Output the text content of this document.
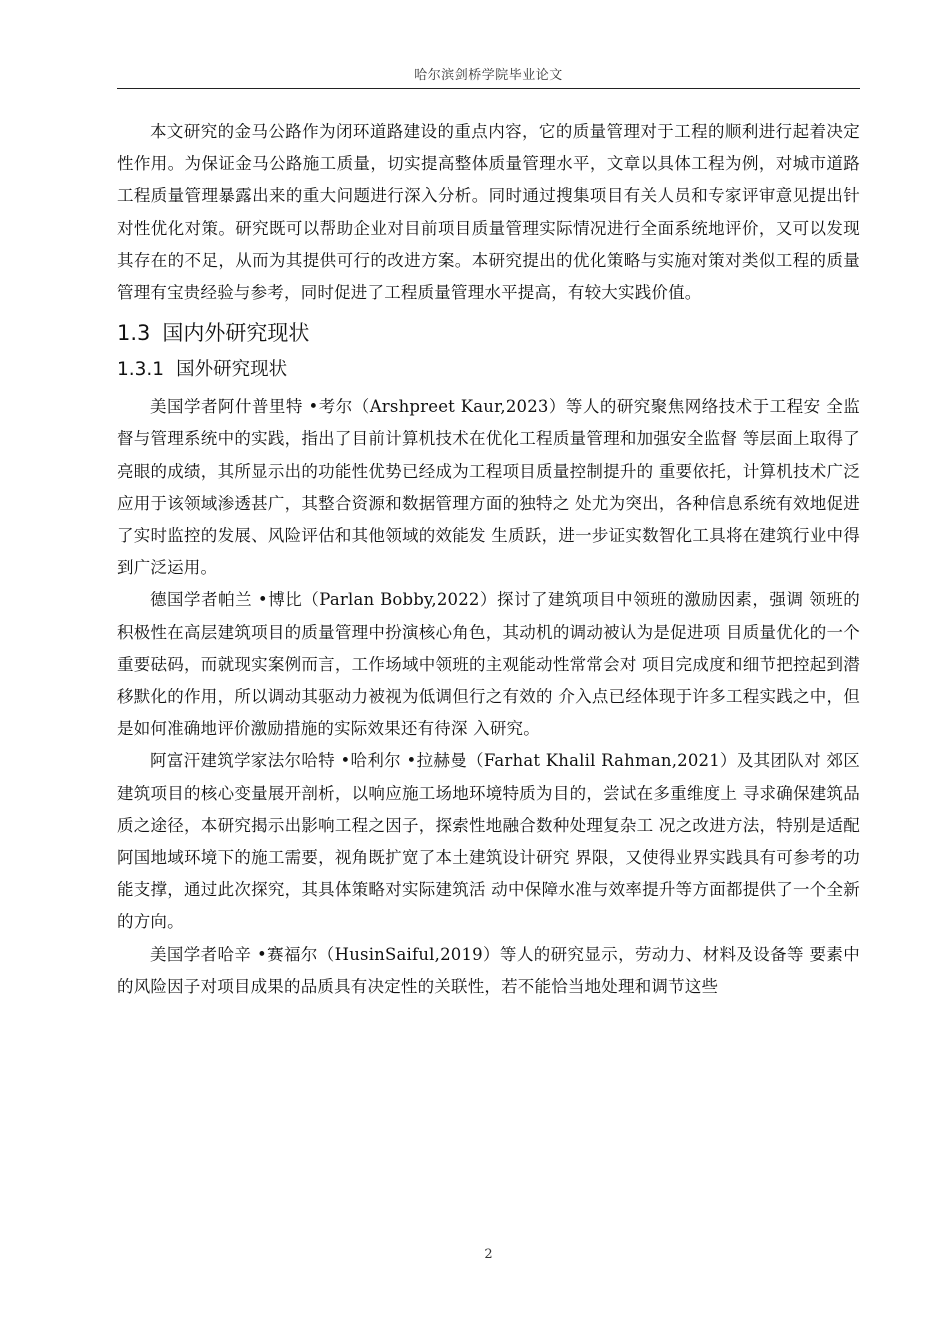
哈尔滨剑桥学院毕业论文

本文研究的金马公路作为闭环道路建设的重点内容，它的质量管理对于工程的顺利进行起着决定性作用。为保证金马公路施工质量，切实提高整体质量管理水平，文章以具体工程为例，对城市道路工程质量管理暴露出来的重大问题进行深入分析。同时通过搜集项目有关人员和专家评审意见提出针对性优化对策。研究既可以帮助企业对目前项目质量管理实际情况进行全面系统地评价，又可以发现其存在的不足，从而为其提供可行的改进方案。本研究提出的优化策略与实施对策对类似工程的质量管理有宝贵经验与参考，同时促进了工程质量管理水平提高，有较大实践价值。

1.3 国内外研究现状
1.3.1 国外研究现状

美国学者阿什普里特 •考尔（Arshpreet Kaur,2023）等人的研究聚焦网络技术于工程安 全监督与管理系统中的实践，指出了目前计算机技术在优化工程质量管理和加强安全监督 等层面上取得了亮眼的成绩，其所显示出的功能性优势已经成为工程项目质量控制提升的 重要依托，计算机技术广泛应用于该领域渗透甚广，其整合资源和数据管理方面的独特之 处尤为突出，各种信息系统有效地促进了实时监控的发展、风险评估和其他领域的效能发 生质跃，进一步证实数智化工具将在建筑行业中得到广泛运用。

德国学者帕兰 •博比（Parlan Bobby,2022）探讨了建筑项目中领班的激励因素，强调 领班的积极性在高层建筑项目的质量管理中扮演核心角色，其动机的调动被认为是促进项 目质量优化的一个重要砝码，而就现实案例而言，工作场域中领班的主观能动性常常会对 项目完成度和细节把控起到潜移默化的作用，所以调动其驱动力被视为低调但行之有效的 介入点已经体现于许多工程实践之中，但是如何准确地评价激励措施的实际效果还有待深 入研究。

阿富汗建筑学家法尔哈特 •哈利尔 •拉赫曼（Farhat Khalil Rahman,2021）及其团队对 郊区建筑项目的核心变量展开剖析，以响应施工场地环境特质为目的，尝试在多重维度上 寻求确保建筑品质之途径，本研究揭示出影响工程之因子，探索性地融合数种处理复杂工 况之改进方法，特别是适配阿国地域环境下的施工需要，视角既扩宽了本土建筑设计研究 界限，又使得业界实践具有可参考的功能支撑，通过此次探究，其具体策略对实际建筑活 动中保障水准与效率提升等方面都提供了一个全新的方向。

美国学者哈辛 •赛福尔（HusinSaiful,2019）等人的研究显示，劳动力、材料及设备等 要素中的风险因子对项目成果的品质具有决定性的关联性，若不能恰当地处理和调节这些

2
